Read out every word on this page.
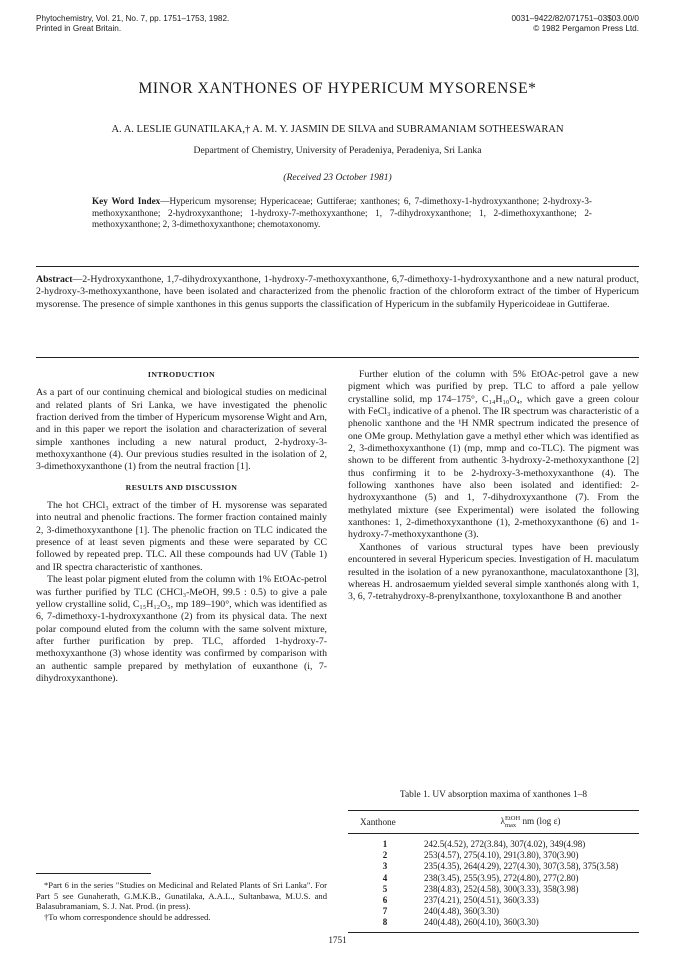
Phytochemistry, Vol. 21, No. 7, pp. 1751–1753, 1982.
Printed in Great Britain.
0031–9422/82/071751–03$03.00/0
© 1982 Pergamon Press Ltd.
MINOR XANTHONES OF HYPERICUM MYSORENSE*
A. A. LESLIE GUNATILAKA,† A. M. Y. JASMIN DE SILVA and SUBRAMANIAM SOTHEESWARAN
Department of Chemistry, University of Peradeniya, Peradeniya, Sri Lanka
(Received 23 October 1981)
Key Word Index—Hypericum mysorense; Hypericaceae; Guttiferae; xanthones; 6, 7-dimethoxy-1-hydroxyxanthone; 2-hydroxy-3-methoxyxanthone; 2-hydroxyxanthone; 1-hydroxy-7-methoxyxanthone; 1, 7-dihydroxyxanthone; 1, 2-dimethoxyxanthone; 2-methoxyxanthone; 2, 3-dimethoxyxanthone; chemotaxonomy.
Abstract—2-Hydroxyxanthone, 1,7-dihydroxyxanthone, 1-hydroxy-7-methoxyxanthone, 6,7-dimethoxy-1-hydroxyxanthone and a new natural product, 2-hydroxy-3-methoxyxanthone, have been isolated and characterized from the phenolic fraction of the chloroform extract of the timber of Hypericum mysorense. The presence of simple xanthones in this genus supports the classification of Hypericum in the subfamily Hypericoideae in Guttiferae.
INTRODUCTION

As a part of our continuing chemical and biological studies on medicinal and related plants of Sri Lanka, we have investigated the phenolic fraction derived from the timber of Hypericum mysorense Wight and Arn, and in this paper we report the isolation and characterization of several simple xanthones including a new natural product, 2-hydroxy-3-methoxyxanthone (4). Our previous studies resulted in the isolation of 2, 3-dimethoxyxanthone (1) from the neutral fraction [1].

RESULTS AND DISCUSSION

The hot CHCl₃ extract of the timber of H. mysorense was separated into neutral and phenolic fractions. The former fraction contained mainly 2, 3-dimethoxyxanthone [1]. The phenolic fraction on TLC indicated the presence of at least seven pigments and these were separated by CC followed by repeated prep. TLC. All these compounds had UV (Table 1) and IR spectra characteristic of xanthones.

The least polar pigment eluted from the column with 1% EtOAc-petrol was further purified by TLC (CHCl₃-MeOH, 99.5 : 0.5) to give a pale yellow crystalline solid, C₁₅H₁₂O₅, mp 189–190°, which was identified as 6, 7-dimethoxy-1-hydroxyxanthone (2) from its physical data. The next polar compound eluted from the column with the same solvent mixture, after further purification by prep. TLC, afforded 1-hydroxy-7-methoxyxanthone (3) whose identity was confirmed by comparison with an authentic sample prepared by methylation of euxanthone (i, 7-dihydroxyxanthone).

Further elution of the column with 5% EtOAc-petrol gave a new pigment which was purified by prep. TLC to afford a pale yellow crystalline solid, mp 174–175°, C₁₄H₁₀O₄, which gave a green colour with FeCl₃ indicative of a phenol. The IR spectrum was characteristic of a phenolic xanthone and the ¹H NMR spectrum indicated the presence of one OMe group. Methylation gave a methyl ether which was identified as 2, 3-dimethoxyxanthone (1) (mp, mmp and co-TLC). The pigment was shown to be different from authentic 3-hydroxy-2-methoxyxanthone [2] thus confirming it to be 2-hydroxy-3-methoxyxanthone (4). The following xanthones have also been isolated and identified: 2-hydroxyxanthone (5) and 1, 7-dihydroxyxanthone (7). From the methylated mixture (see Experimental) were isolated the following xanthones: 1, 2-dimethoxyxanthone (1), 2-methoxyxanthone (6) and 1-hydroxy-7-methoxyxanthone (3).

Xanthones of various structural types have been previously encountered in several Hypericum species. Investigation of H. maculatum resulted in the isolation of a new pyranoxanthone, maculatoxanthone [3], whereas H. androsaemum yielded several simple xanthonés along with 1, 3, 6, 7-tetrahydroxy-8-prenylxanthone, toxyloxanthone B and another

Table 1. UV absorption maxima of xanthones 1–8
Xanthone	λEtOH
max nm (log ε)
1	242.5(4.52), 272(3.84), 307(4.02), 349(4.98)
2	253(4.57), 275(4.10), 291(3.80), 370(3.90)
3	235(4.35), 264(4.29), 227(4.30), 307(3.58), 375(3.58)
4	238(3.45), 255(3.95), 272(4.80), 277(2.80)
5	238(4.83), 252(4.58), 300(3.33), 358(3.98)
6	237(4.21), 250(4.51), 360(3.33)
7	240(4.48), 360(3.30)
8	240(4.48), 260(4.10), 360(3.30)

*Part 6 in the series "Studies on Medicinal and Related Plants of Sri Lanka". For Part 5 see Gunaherath, G.M.K.B., Gunatilaka, A.A.L., Sultanbawa, M.U.S. and Balasubramaniam, S. J. Nat. Prod. (in press).

†To whom correspondence should be addressed.

1751
